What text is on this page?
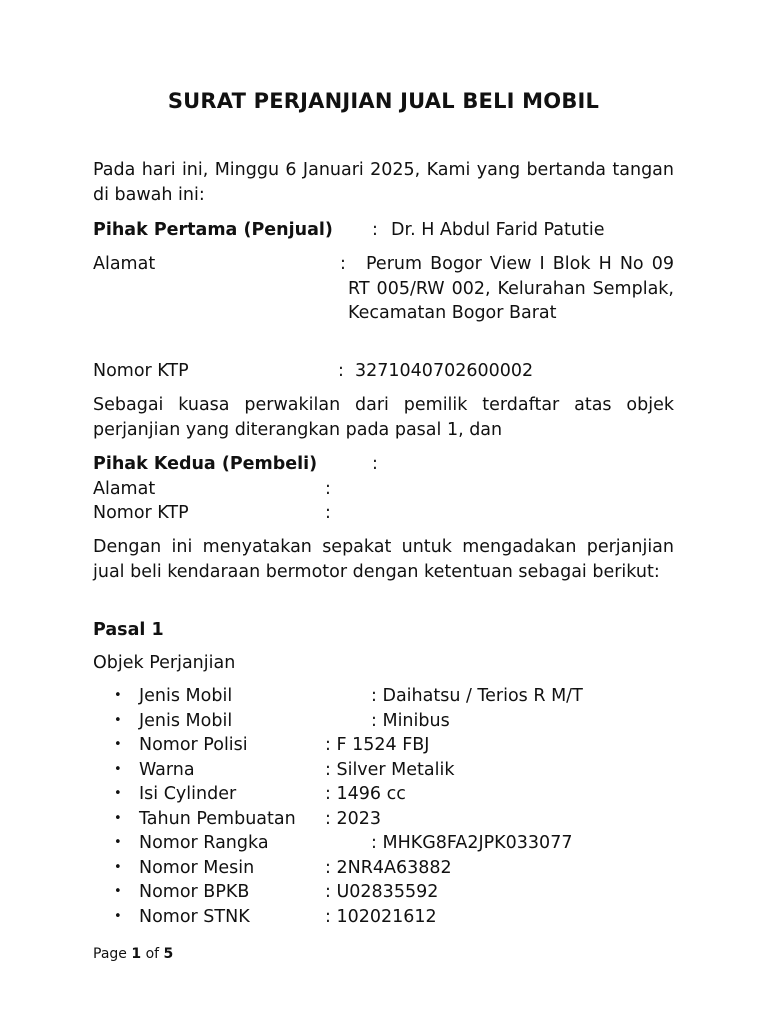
SURAT PERJANJIAN JUAL BELI MOBIL

Pada hari ini, Minggu 6 Januari 2025, Kami yang bertanda tangan di bawah ini:

Pihak Pertama (Penjual) : Dr. H Abdul Farid Patutie
Alamat	:	Perum Bogor View I Blok H No 09 RT 005/RW 002, Kelurahan Semplak, Kecamatan Bogor Barat

Nomor KTP	: 3271040702600002

Sebagai kuasa perwakilan dari pemilik terdaftar atas objek perjanjian yang diterangkan pada pasal 1, dan

Pihak Kedua (Pembeli)	:
Alamat	:
Nomor KTP	:

Dengan ini menyatakan sepakat untuk mengadakan perjanjian jual beli kendaraan bermotor dengan ketentuan sebagai berikut:

Pasal 1
Objek Perjanjian
• Jenis Mobil	: Daihatsu / Terios R M/T
• Jenis Mobil	: Minibus
• Nomor Polisi	: F 1524 FBJ
• Warna	: Silver Metalik
• Isi Cylinder	: 1496 cc
• Tahun Pembuatan : 2023
• Nomor Rangka	: MHKG8FA2JPK033077
• Nomor Mesin	: 2NR4A63882
• Nomor BPKB	: U02835592
• Nomor STNK	: 102021612
Page 1 of 5
